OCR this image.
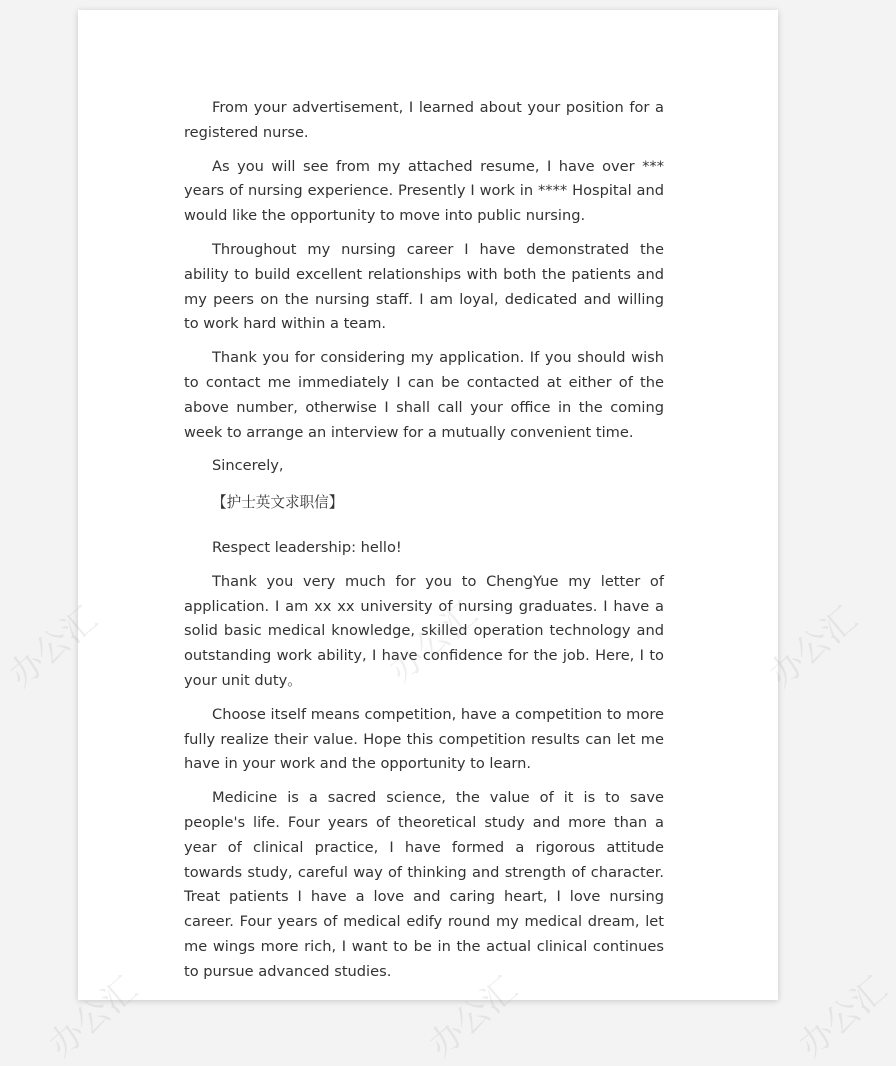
From your advertisement, I learned about your position for a registered nurse.

As you will see from my attached resume, I have over *** years of nursing experience. Presently I work in **** Hospital and would like the opportunity to move into public nursing.

Throughout my nursing career I have demonstrated the ability to build excellent relationships with both the patients and my peers on the nursing staff. I am loyal, dedicated and willing to work hard within a team.

Thank you for considering my application. If you should wish to contact me immediately I can be contacted at either of the above number, otherwise I shall call your office in the coming week to arrange an interview for a mutually convenient time.

Sincerely,

【护士英文求职信】

Respect leadership: hello!

Thank you very much for you to ChengYue my letter of application. I am xx xx university of nursing graduates. I have a solid basic medical knowledge, skilled operation technology and outstanding work ability, I have confidence for the job. Here, I to your unit duty。

Choose itself means competition, have a competition to more fully realize their value. Hope this competition results can let me have in your work and the opportunity to learn.

Medicine is a sacred science, the value of it is to save people's life. Four years of theoretical study and more than a year of clinical practice, I have formed a rigorous attitude towards study, careful way of thinking and strength of character. Treat patients I have a love and caring heart, I love nursing career. Four years of medical edify round my medical dream, let me wings more rich, I want to be in the actual clinical continues to pursue advanced studies.

办公汇	办公汇
办公汇	办公汇	办公汇
